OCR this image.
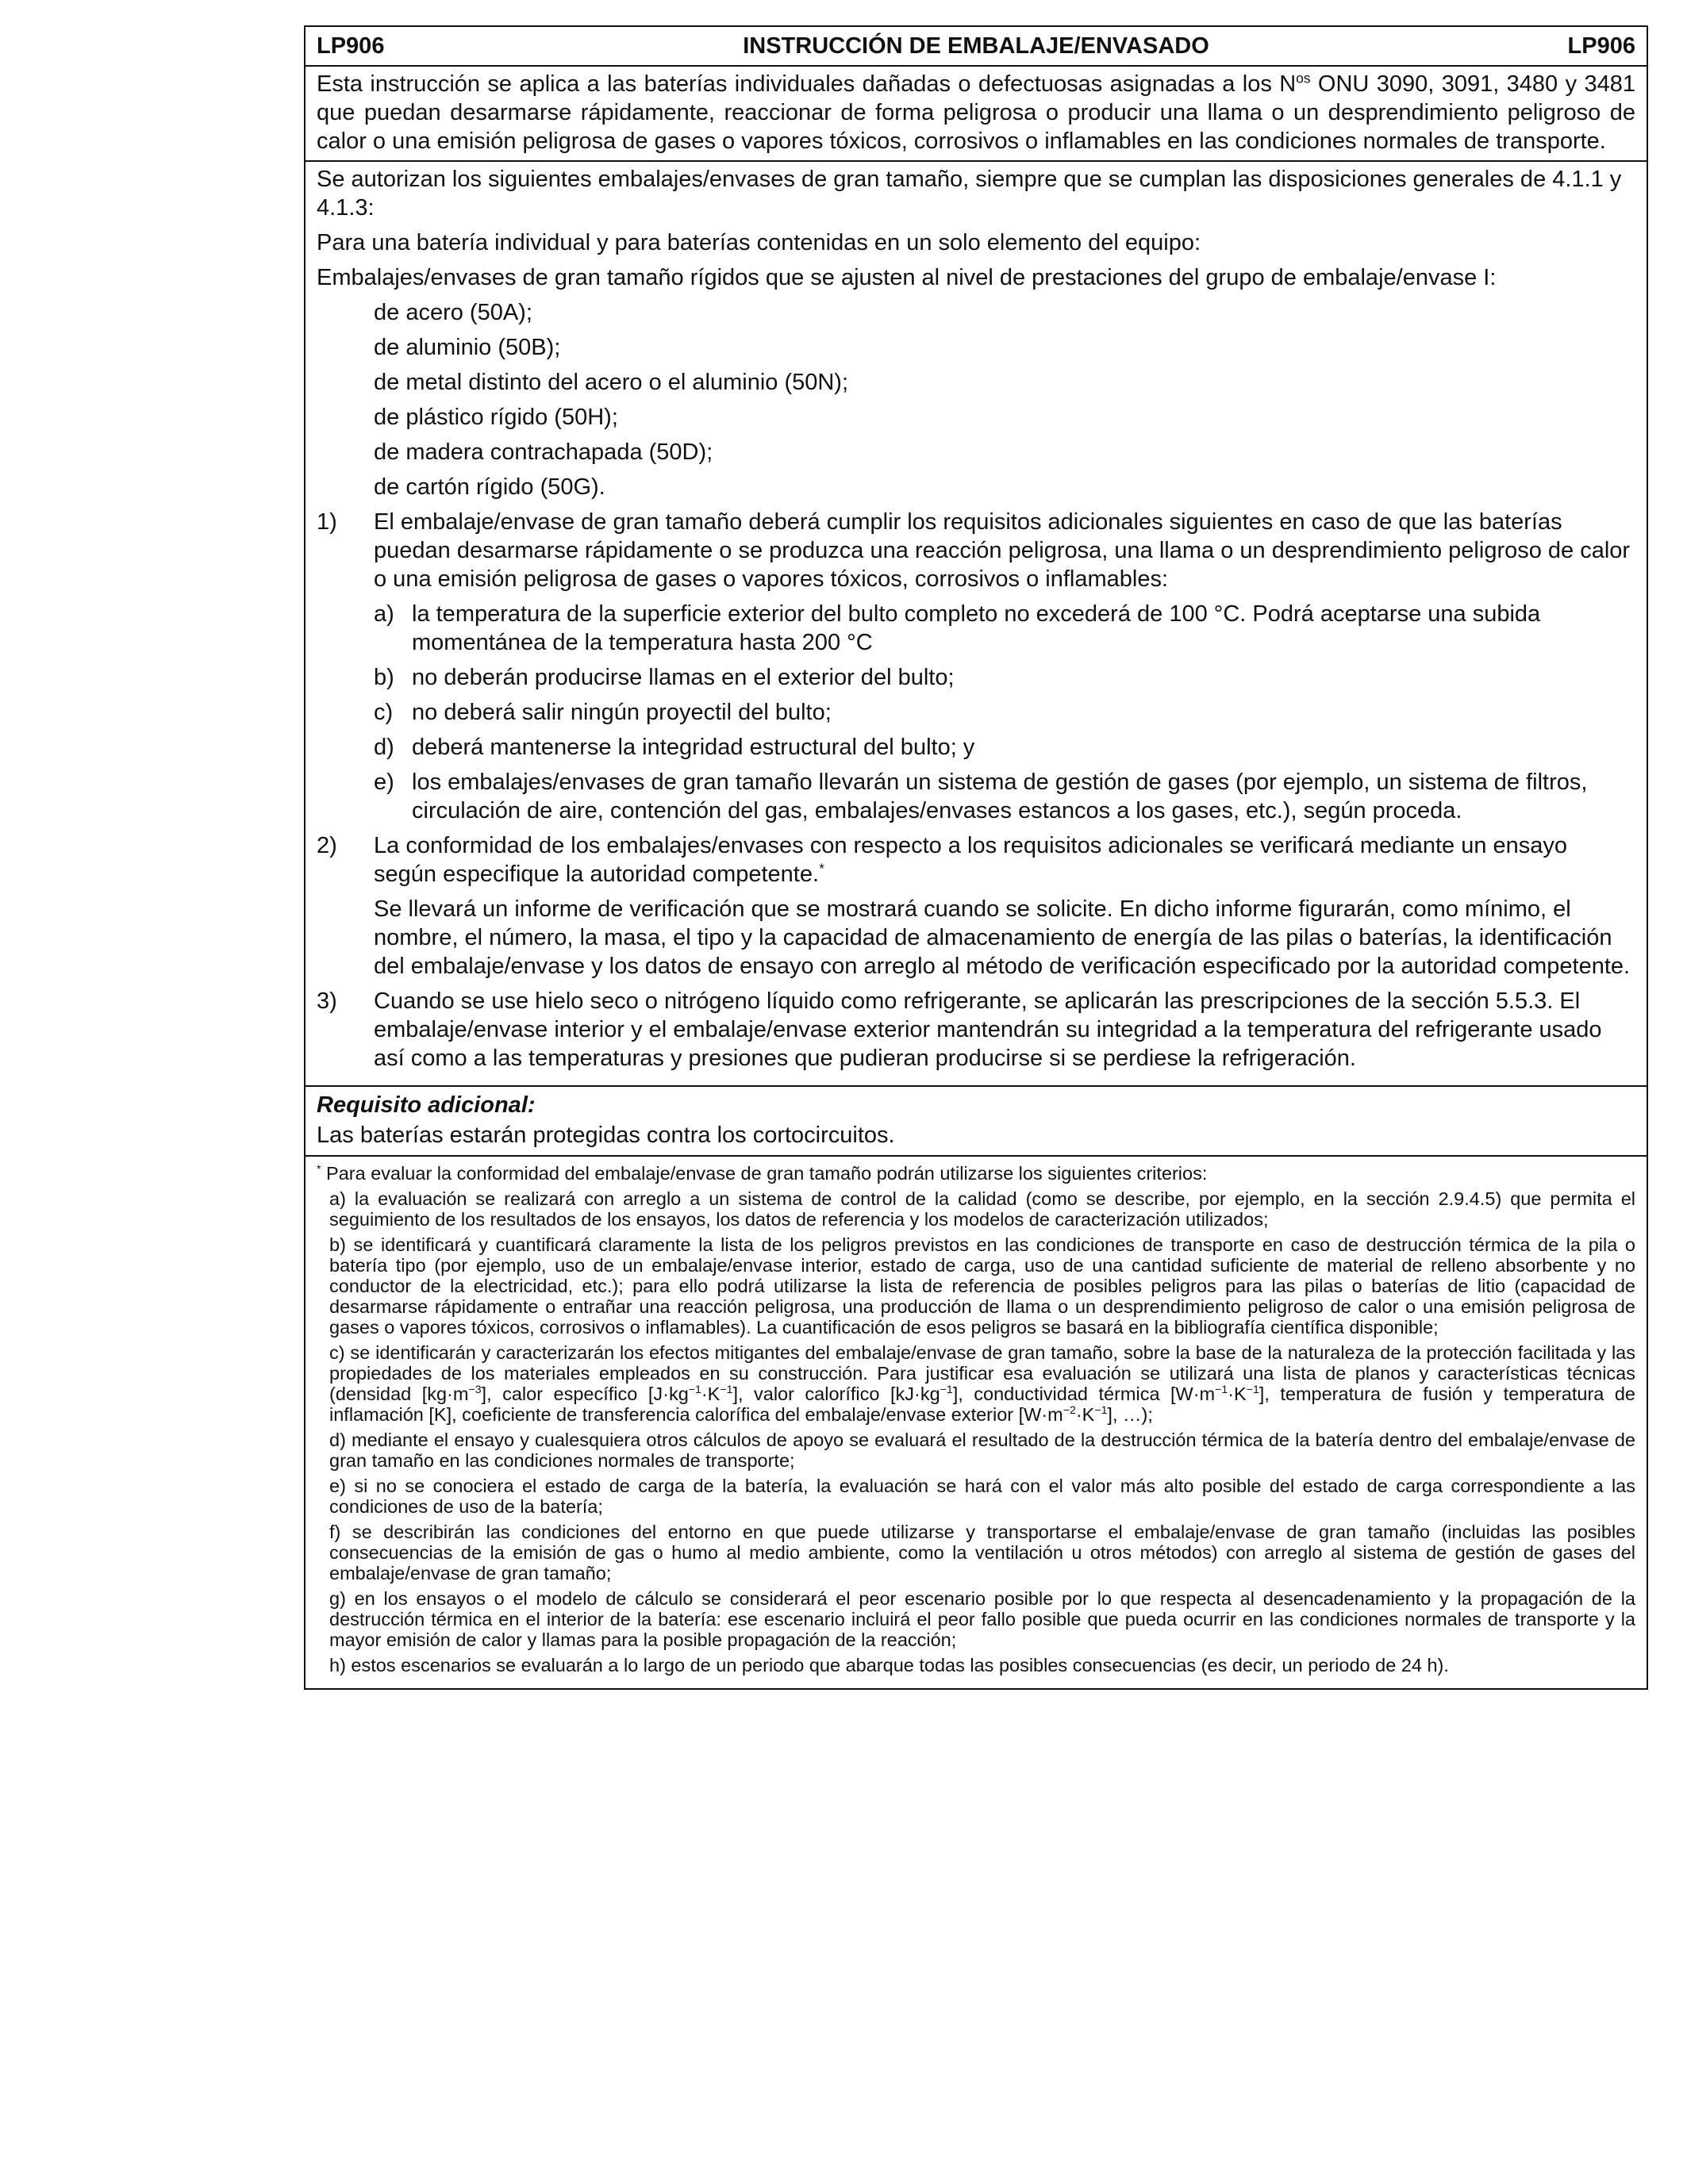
LP906	INSTRUCCIÓN DE EMBALAJE/ENVASADO	LP906
Esta instrucción se aplica a las baterías individuales dañadas o defectuosas asignadas a los $N^{os}$ ONU 3090, 3091, 3480 y 3481 que puedan desarmarse rápidamente, reaccionar de forma peligrosa o producir una llama o un desprendimiento peligroso de calor o una emisión peligrosa de gases o vapores tóxicos, corrosivos o inflamables en las condiciones normales de transporte.

Se autorizan los siguientes embalajes/envases de gran tamaño, siempre que se cumplan las disposiciones generales de 4.1.1 y 4.1.3:

Para una batería individual y para baterías contenidas en un solo elemento del equipo:

Embalajes/envases de gran tamaño rígidos que se ajusten al nivel de prestaciones del grupo de embalaje/envase I:

de acero (50A);
de aluminio (50B);
de metal distinto del acero o el aluminio (50N);
de plástico rígido (50H);
de madera contrachapada (50D);
de cartón rígido (50G).
1)	El embalaje/envase de gran tamaño deberá cumplir los requisitos adicionales siguientes en caso de que las baterías puedan desarmarse rápidamente o se produzca una reacción peligrosa, una llama o un desprendimiento peligroso de calor o una emisión peligrosa de gases o vapores tóxicos, corrosivos o inflamables:
a) la temperatura de la superficie exterior del bulto completo no excederá de 100 °C. Podrá aceptarse una subida momentánea de la temperatura hasta 200 °C
b) no deberán producirse llamas en el exterior del bulto;
c) no deberá salir ningún proyectil del bulto;
d) deberá mantenerse la integridad estructural del bulto; y
e) los embalajes/envases de gran tamaño llevarán un sistema de gestión de gases (por ejemplo, un sistema de filtros, circulación de aire, contención del gas, embalajes/envases estancos a los gases, etc.), según proceda.
2)	La conformidad de los embalajes/envases con respecto a los requisitos adicionales se verificará mediante un ensayo según especifique la autoridad competente.*
Se llevará un informe de verificación que se mostrará cuando se solicite. En dicho informe figurarán, como mínimo, el nombre, el número, la masa, el tipo y la capacidad de almacenamiento de energía de las pilas o baterías, la identificación del embalaje/envase y los datos de ensayo con arreglo al método de verificación especificado por la autoridad competente.
3)	Cuando se use hielo seco o nitrógeno líquido como refrigerante, se aplicarán las prescripciones de la sección 5.5.3. El embalaje/envase interior y el embalaje/envase exterior mantendrán su integridad a la temperatura del refrigerante usado así como a las temperaturas y presiones que pudieran producirse si se perdiese la refrigeración.
Requisito adicional:
Las baterías estarán protegidas contra los cortocircuitos.

* Para evaluar la conformidad del embalaje/envase de gran tamaño podrán utilizarse los siguientes criterios:

a) la evaluación se realizará con arreglo a un sistema de control de la calidad (como se describe, por ejemplo, en la sección 2.9.4.5) que permita el seguimiento de los resultados de los ensayos, los datos de referencia y los modelos de caracterización utilizados;

b) se identificará y cuantificará claramente la lista de los peligros previstos en las condiciones de transporte en caso de destrucción térmica de la pila o batería tipo (por ejemplo, uso de un embalaje/envase interior, estado de carga, uso de una cantidad suficiente de material de relleno absorbente y no conductor de la electricidad, etc.); para ello podrá utilizarse la lista de referencia de posibles peligros para las pilas o baterías de litio (capacidad de desarmarse rápidamente o entrañar una reacción peligrosa, una producción de llama o un desprendimiento peligroso de calor o una emisión peligrosa de gases o vapores tóxicos, corrosivos o inflamables). La cuantificación de esos peligros se basará en la bibliografía científica disponible;

c) se identificarán y caracterizarán los efectos mitigantes del embalaje/envase de gran tamaño, sobre la base de la naturaleza de la protección facilitada y las propiedades de los materiales empleados en su construcción. Para justificar esa evaluación se utilizará una lista de planos y características técnicas (densidad $[kg\cdot m^{-3}]$, calor específico $[J\cdot kg^{-1}\cdot K^{-1}]$, valor calorífico $[kJ\cdot kg^{-1}]$, conductividad térmica $[W\cdot m^{-1}\cdot K^{-1}]$, temperatura de fusión y temperatura de inflamación [K], coeficiente de transferencia calorífica del embalaje/envase exterior $[W\cdot m^{-2}\cdot K^{-1}]$, …);

d) mediante el ensayo y cualesquiera otros cálculos de apoyo se evaluará el resultado de la destrucción térmica de la batería dentro del embalaje/envase de gran tamaño en las condiciones normales de transporte;

e) si no se conociera el estado de carga de la batería, la evaluación se hará con el valor más alto posible del estado de carga correspondiente a las condiciones de uso de la batería;

f) se describirán las condiciones del entorno en que puede utilizarse y transportarse el embalaje/envase de gran tamaño (incluidas las posibles consecuencias de la emisión de gas o humo al medio ambiente, como la ventilación u otros métodos) con arreglo al sistema de gestión de gases del embalaje/envase de gran tamaño;

g) en los ensayos o el modelo de cálculo se considerará el peor escenario posible por lo que respecta al desencadenamiento y la propagación de la destrucción térmica en el interior de la batería: ese escenario incluirá el peor fallo posible que pueda ocurrir en las condiciones normales de transporte y la mayor emisión de calor y llamas para la posible propagación de la reacción;

h) estos escenarios se evaluarán a lo largo de un periodo que abarque todas las posibles consecuencias (es decir, un periodo de 24 h).
